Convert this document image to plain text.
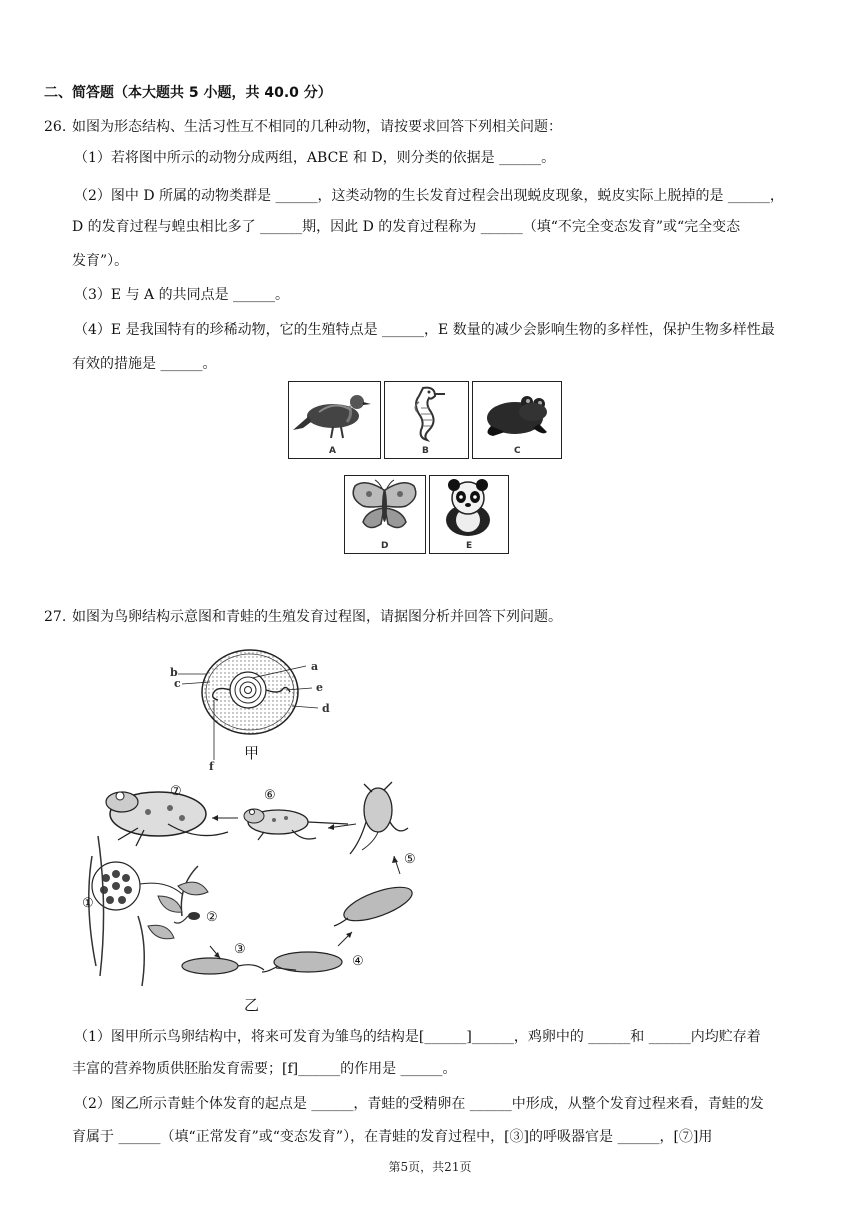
二、简答题（本大题共 5 小题，共 40.0 分）
26. 如图为形态结构、生活习性互不相同的几种动物，请按要求回答下列相关问题：
（1）若将图中所示的动物分成两组，ABCE 和 D，则分类的依据是 ______。
（2）图中 D 所属的动物类群是 ______，这类动物的生长发育过程会出现蜕皮现象，蜕皮实际上脱掉的是 ______，
D 的发育过程与蝗虫相比多了 ______期，因此 D 的发育过程称为 ______（填“不完全变态发育”或“完全变态
发育”）。
（3）E 与 A 的共同点是 ______。
（4）E 是我国特有的珍稀动物，它的生殖特点是 ______，E 数量的减少会影响生物的多样性，保护生物多样性最
有效的措施是 ______。
A	B	C
D	E
27. 如图为鸟卵结构示意图和青蛙的生殖发育过程图，请据图分析并回答下列问题。
a
b
c
d
e
f
甲
⑦	⑥
⑤
①
②
③
④
乙
（1）图甲所示鸟卵结构中，将来可发育为雏鸟的结构是[______]______，鸡卵中的 ______和 ______内均贮存着
丰富的营养物质供胚胎发育需要；[f]______的作用是 ______。
（2）图乙所示青蛙个体发育的起点是 ______，青蛙的受精卵在 ______中形成，从整个发育过程来看，青蛙的发
育属于 ______（填“正常发育”或“变态发育”），在青蛙的发育过程中，[③]的呼吸器官是 ______，[⑦]用
第5页，共21页
